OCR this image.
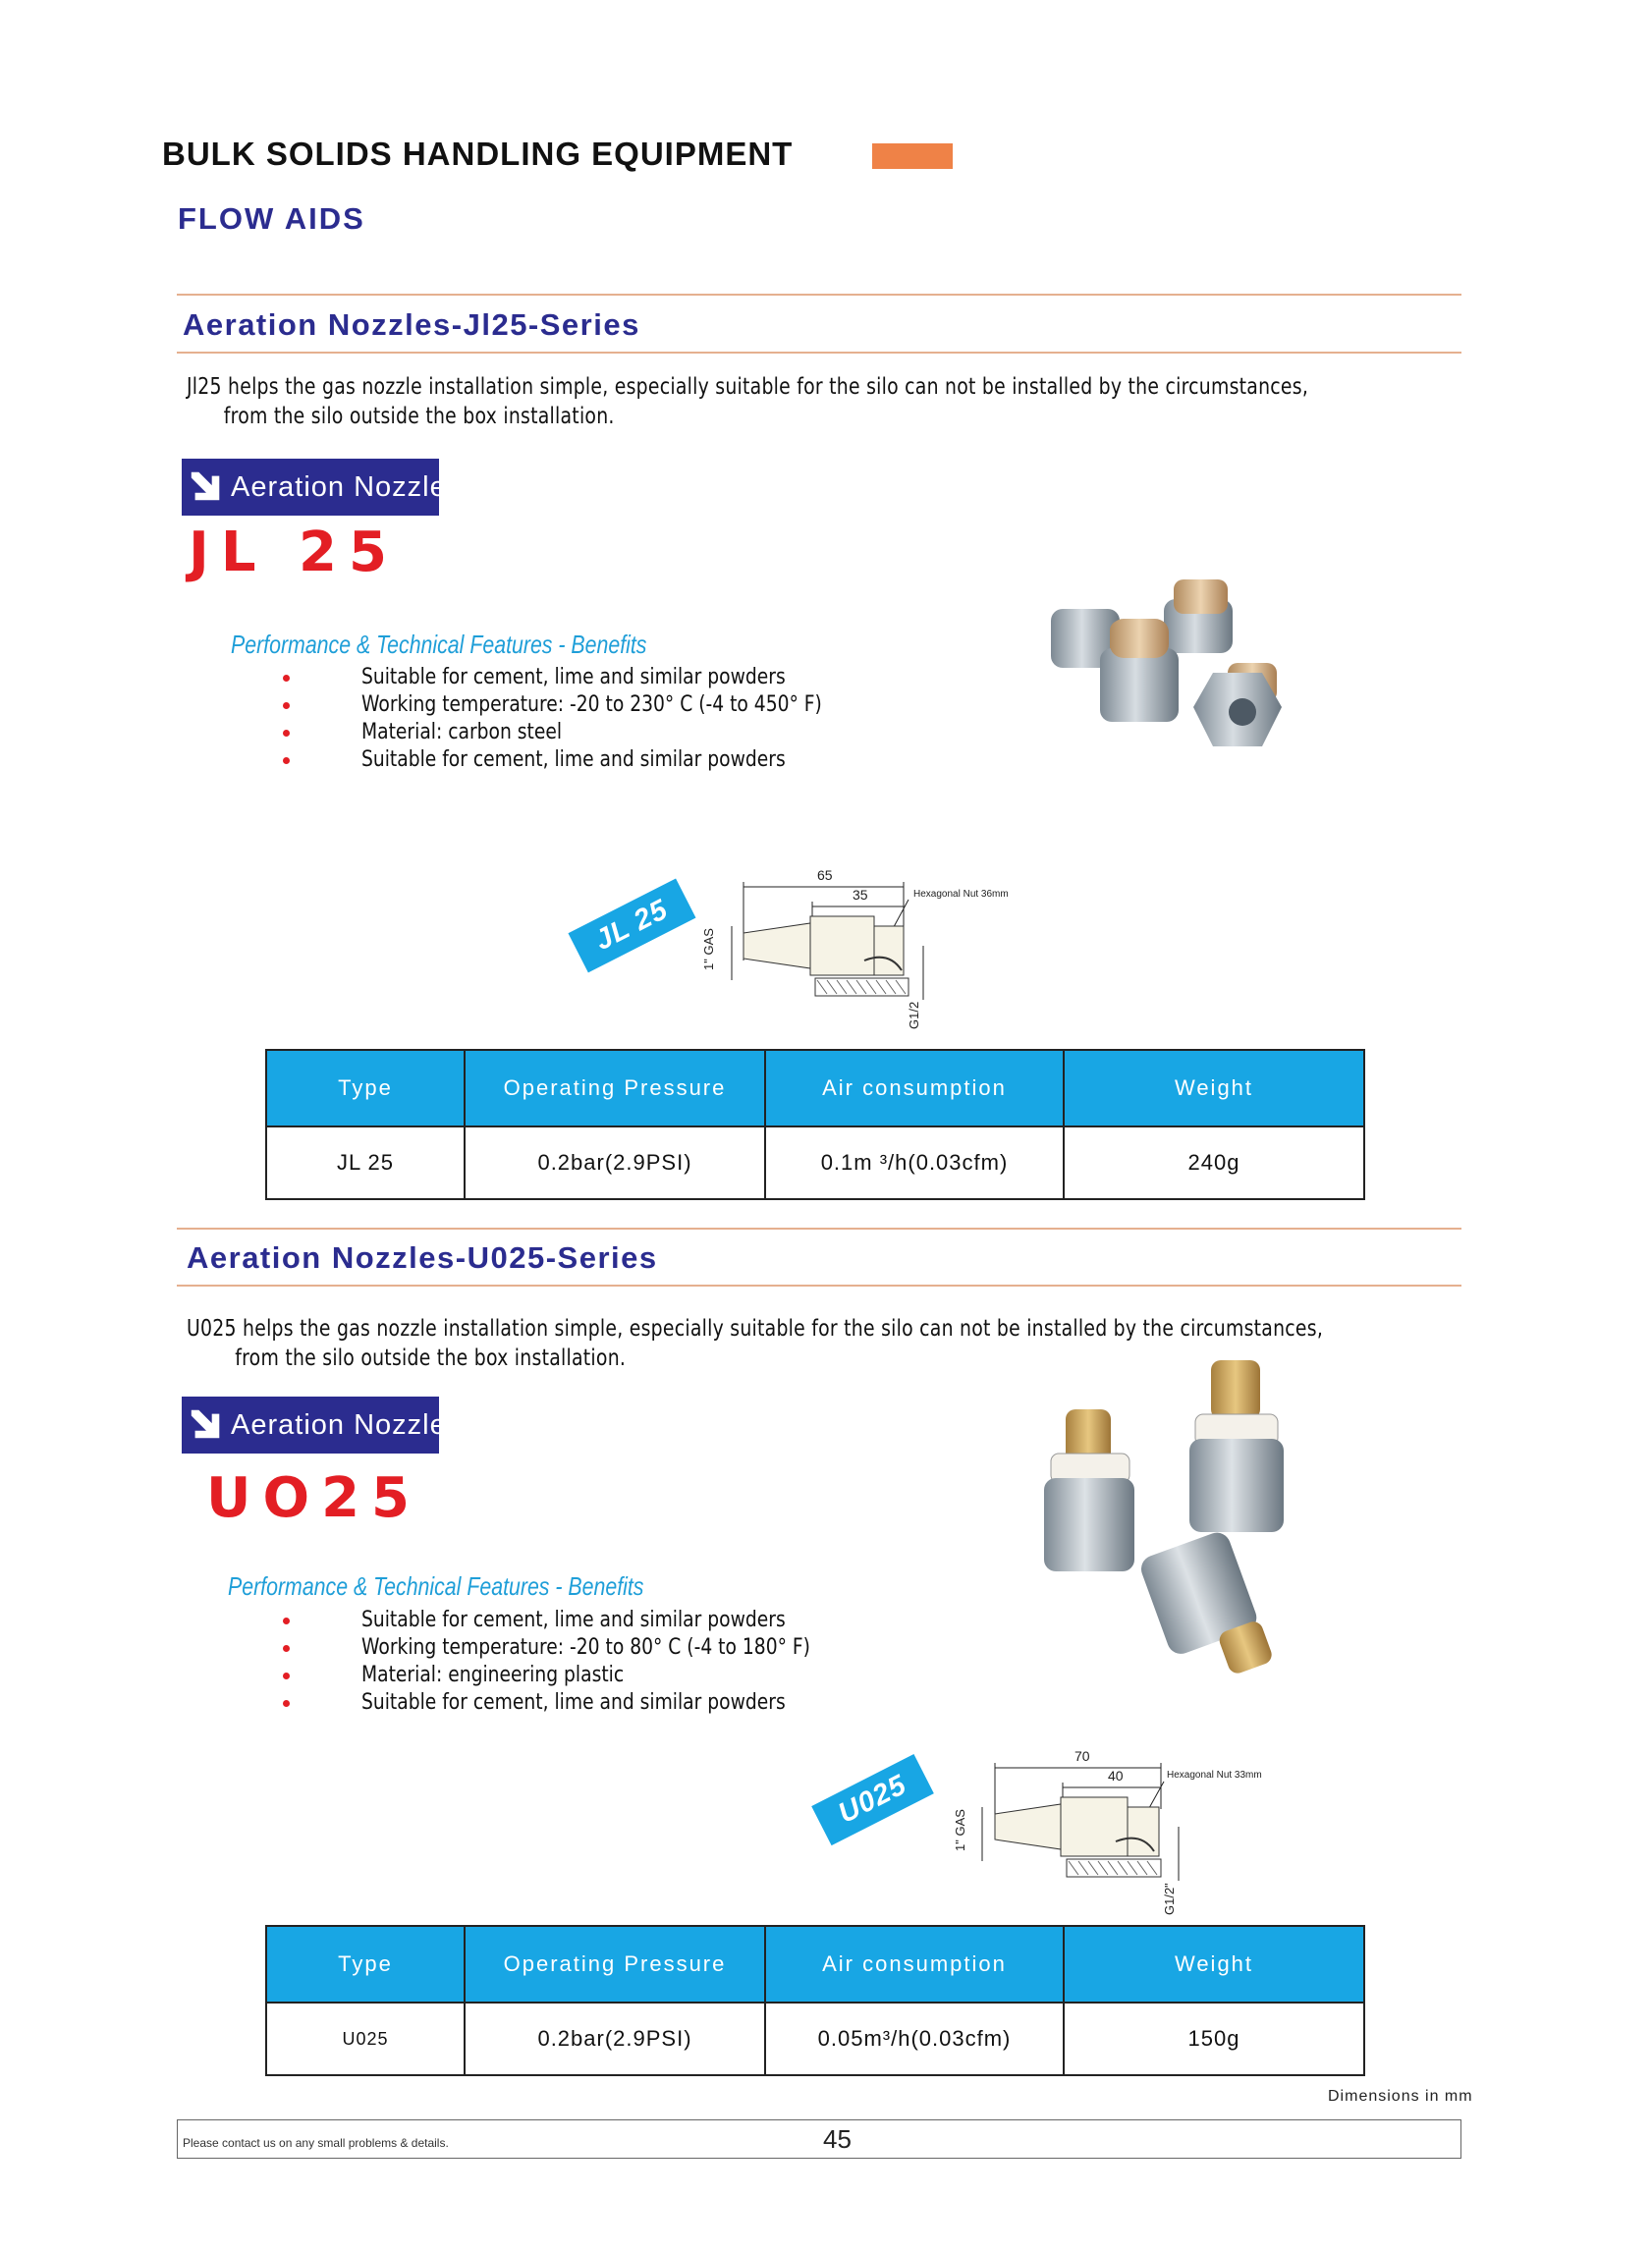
BULK SOLIDS HANDLING EQUIPMENT
FLOW AIDS
Aeration Nozzles-Jl25-Series
Jl25 helps the gas nozzle installation simple, especially suitable for the silo can not be installed by the circumstances,
from the silo outside the box installation.
Aeration Nozzles
JL 25
Performance & Technical Features - Benefits
Suitable for cement, lime and similar powders
Working temperature: -20 to 230° C (-4 to 450° F)
Material: carbon steel
Suitable for cement, lime and similar powders
65
35	Hexagonal Nut 36mm
1" GAS
G1/2
JL 25
Type	Operating Pressure	Air consumption	Weight
JL 25	0.2bar(2.9PSI)	0.1m ³/h(0.03cfm)	240g
Aeration Nozzles-U025-Series
U025 helps the gas nozzle installation simple, especially suitable for the silo can not be installed by the circumstances,
from the silo outside the box installation.
Aeration Nozzles
UO25
Performance & Technical Features - Benefits
Suitable for cement, lime and similar powders
Working temperature: -20 to 80° C (-4 to 180° F)
Material: engineering plastic
Suitable for cement, lime and similar powders
70
40	Hexagonal Nut 33mm
1" GAS
G1/2"
U025
Type	Operating Pressure	Air consumption	Weight
U025	0.2bar(2.9PSI)	0.05m³/h(0.03cfm)	150g
Dimensions in mm
Please contact us on any small problems & details.	45
